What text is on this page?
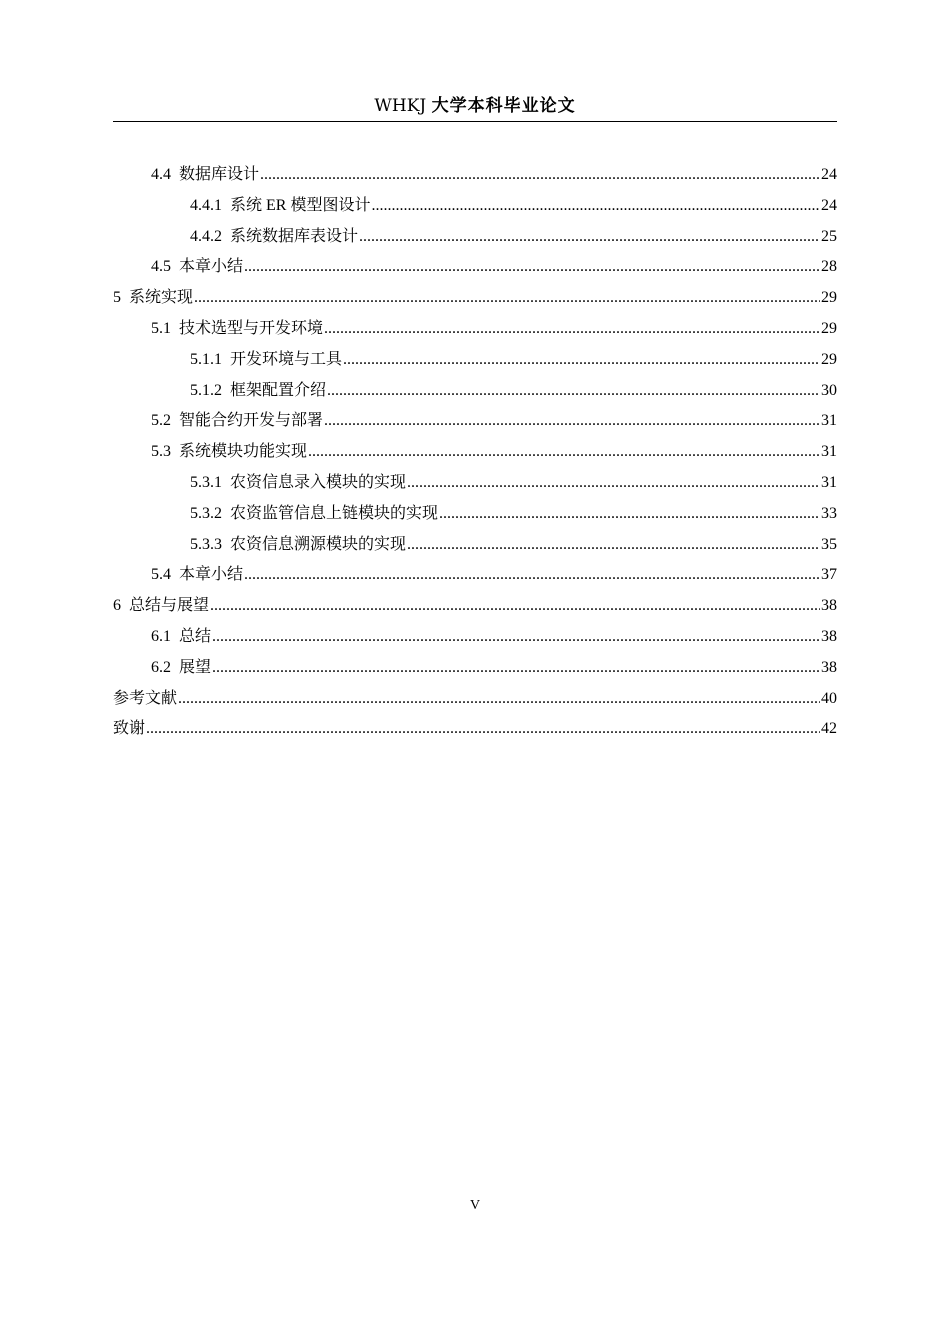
WHKJ 大学本科毕业论文
4.4 数据库设计 .....	24
4.4.1 系统 ER 模型图设计 .....	24
4.4.2 系统数据库表设计 .....	25
4.5 本章小结 .....	28
5 系统实现 .....	29
5.1 技术选型与开发环境 .....	29
5.1.1 开发环境与工具 .....	29
5.1.2 框架配置介绍 .....	30
5.2 智能合约开发与部署 .....	31
5.3 系统模块功能实现 .....	31
5.3.1 农资信息录入模块的实现 .....	31
5.3.2 农资监管信息上链模块的实现 .....	33
5.3.3 农资信息溯源模块的实现 .....	35
5.4 本章小结 .....	37
6 总结与展望 .....	38
6.1 总结 .....	38
6.2 展望 .....	38
参考文献 .....	40
致谢 .....	42
V
